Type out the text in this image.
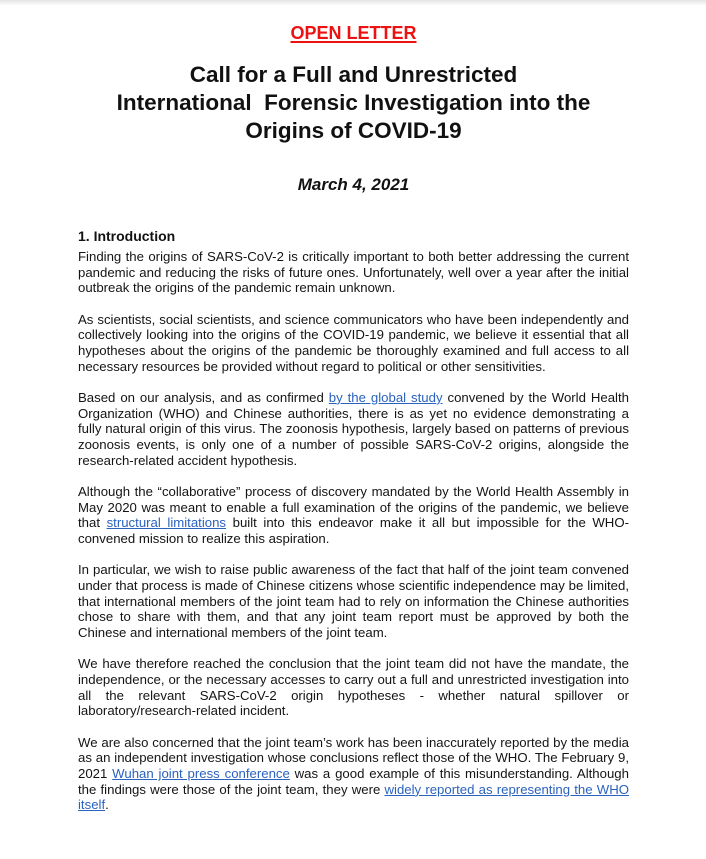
OPEN LETTER
Call for a Full and Unrestricted
International  Forensic Investigation into the
Origins of COVID-19
March 4, 2021
1. Introduction

Finding the origins of SARS-CoV-2 is critically important to both better addressing the current pandemic and reducing the risks of future ones. Unfortunately, well over a year after the initial outbreak the origins of the pandemic remain unknown.

As scientists, social scientists, and science communicators who have been independently and collectively looking into the origins of the COVID-19 pandemic, we believe it essential that all hypotheses about the origins of the pandemic be thoroughly examined and full access to all necessary resources be provided without regard to political or other sensitivities.

Based on our analysis, and as confirmed by the global study convened by the World Health Organization (WHO) and Chinese authorities, there is as yet no evidence demonstrating a fully natural origin of this virus. The zoonosis hypothesis, largely based on patterns of previous zoonosis events, is only one of a number of possible SARS-CoV-2 origins, alongside the research-related accident hypothesis.

Although the “collaborative” process of discovery mandated by the World Health Assembly in May 2020 was meant to enable a full examination of the origins of the pandemic, we believe that structural limitations built into this endeavor make it all but impossible for the WHO-convened mission to realize this aspiration.

In particular, we wish to raise public awareness of the fact that half of the joint team convened under that process is made of Chinese citizens whose scientific independence may be limited, that international members of the joint team had to rely on information the Chinese authorities chose to share with them, and that any joint team report must be approved by both the Chinese and international members of the joint team.

We have therefore reached the conclusion that the joint team did not have the mandate, the independence, or the necessary accesses to carry out a full and unrestricted investigation into all the relevant SARS-CoV-2 origin hypotheses - whether natural spillover or laboratory/research-related incident.

We are also concerned that the joint team’s work has been inaccurately reported by the media as an independent investigation whose conclusions reflect those of the WHO. The February 9, 2021 Wuhan joint press conference was a good example of this misunderstanding. Although the findings were those of the joint team, they were widely reported as representing the WHO itself.
